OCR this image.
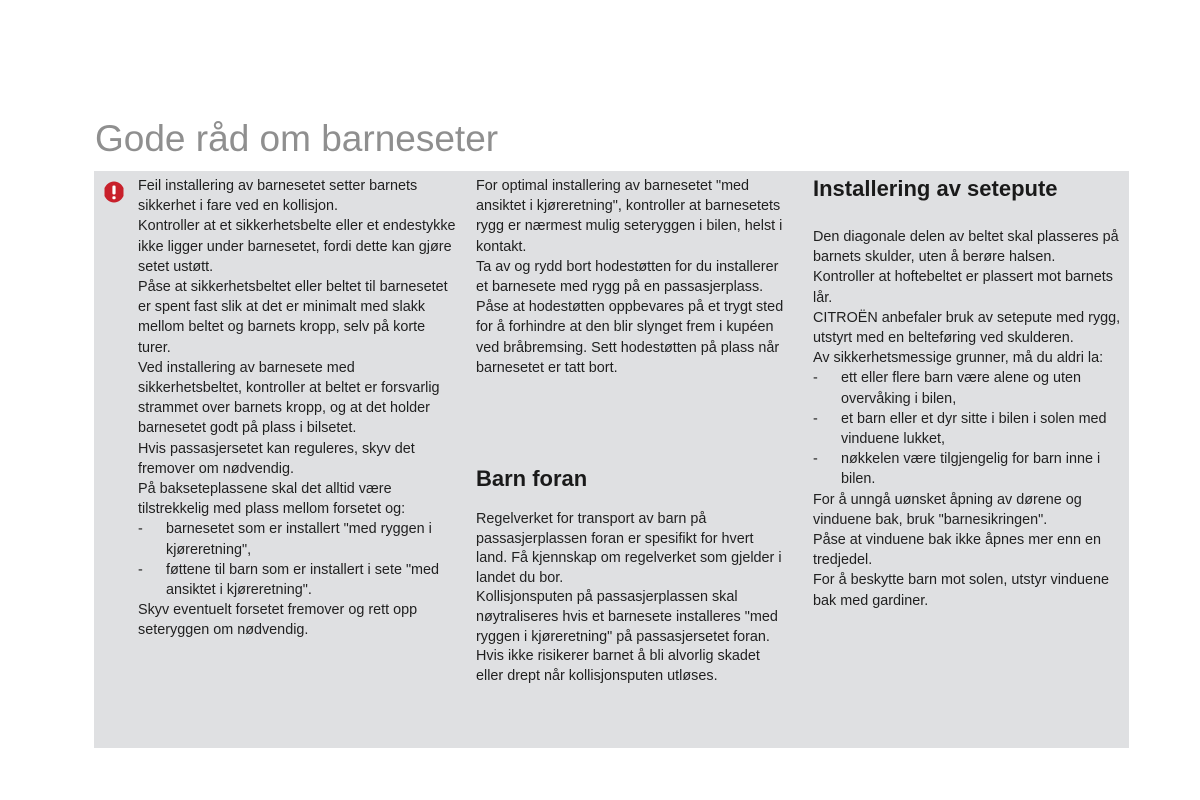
Gode råd om barneseter

Feil installering av barnesetet setter barnets sikkerhet i fare ved en kollisjon.

Kontroller at et sikkerhetsbelte eller et endestykke ikke ligger under barnesetet, fordi dette kan gjøre setet ustøtt.

Påse at sikkerhetsbeltet eller beltet til barnesetet er spent fast slik at det er minimalt med slakk mellom beltet og barnets kropp, selv på korte turer.

Ved installering av barnesete med sikkerhetsbeltet, kontroller at beltet er forsvarlig strammet over barnets kropp, og at det holder barnesetet godt på plass i bilsetet.

Hvis passasjersetet kan reguleres, skyv det fremover om nødvendig.

På bakseteplassene skal det alltid være tilstrekkelig med plass mellom forsetet og:

- barnesetet som er installert "med ryggen i kjøreretning",
- føttene til barn som er installert i sete "med ansiktet i kjøreretning".

Skyv eventuelt forsetet fremover og rett opp seteryggen om nødvendig.

For optimal installering av barnesetet "med ansiktet i kjøreretning", kontroller at barnesetets rygg er nærmest mulig seteryggen i bilen, helst i kontakt.

Ta av og rydd bort hodestøtten for du installerer et barnesete med rygg på en passasjerplass.

Påse at hodestøtten oppbevares på et trygt sted for å forhindre at den blir slynget frem i kupéen ved bråbremsing. Sett hodestøtten på plass når barnesetet er tatt bort.

Barn foran

Regelverket for transport av barn på passasjerplassen foran er spesifikt for hvert land. Få kjennskap om regelverket som gjelder i landet du bor.

Kollisjonsputen på passasjerplassen skal nøytraliseres hvis et barnesete installeres "med ryggen i kjøreretning" på passasjersetet foran.

Hvis ikke risikerer barnet å bli alvorlig skadet eller drept når kollisjonsputen utløses.

Installering av setepute

Den diagonale delen av beltet skal plasseres på barnets skulder, uten å berøre halsen.

Kontroller at hoftebeltet er plassert mot barnets lår.

CITROËN anbefaler bruk av setepute med rygg, utstyrt med en belteføring ved skulderen.

Av sikkerhetsmessige grunner, må du aldri la:

- ett eller flere barn være alene og uten overvåking i bilen,
- et barn eller et dyr sitte i bilen i solen med vinduene lukket,
- nøkkelen være tilgjengelig for barn inne i bilen.

For å unngå uønsket åpning av dørene og vinduene bak, bruk "barnesikringen".

Påse at vinduene bak ikke åpnes mer enn en tredjedel.

For å beskytte barn mot solen, utstyr vinduene bak med gardiner.
